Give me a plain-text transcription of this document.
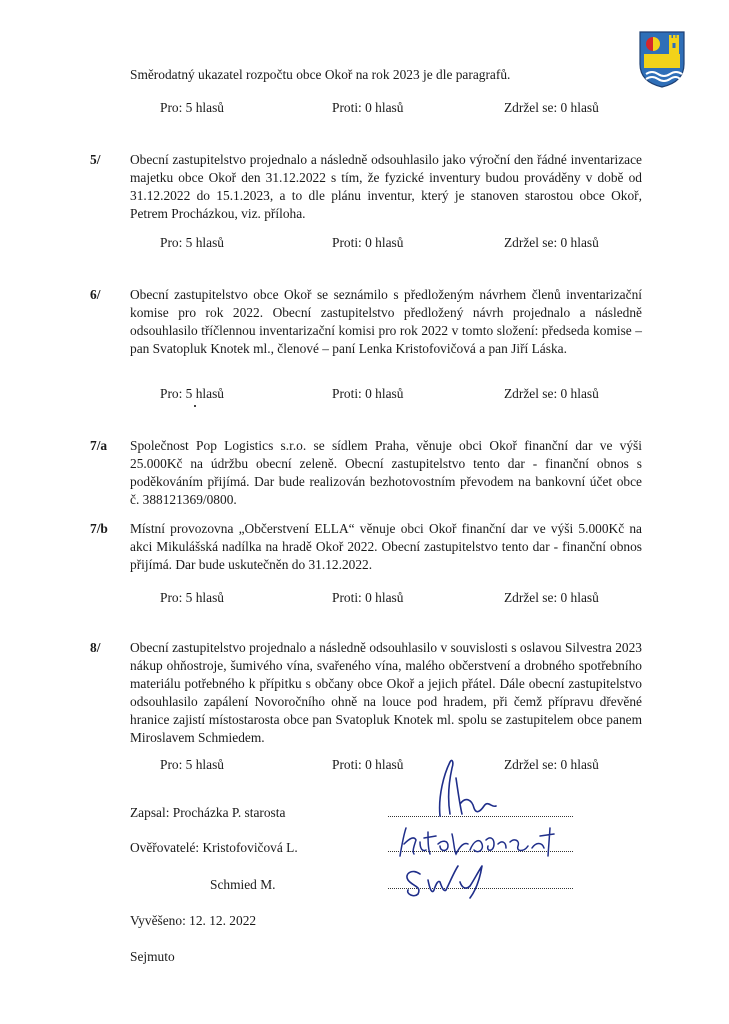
Směrodatný ukazatel rozpočtu obce Okoř na rok 2023 je dle paragrafů.
Pro: 5 hlasů	Proti: 0 hlasů	Zdržel se: 0 hlasů
5/ Obecní zastupitelstvo projednalo a následně odsouhlasilo jako výroční den řádné inventarizace majetku obce Okoř den 31.12.2022 s tím, že fyzické inventury budou prováděny v době od 31.12.2022 do 15.1.2023, a to dle plánu inventur, který je stanoven starostou obce Okoř, Petrem Procházkou, viz. příloha.
Pro: 5 hlasů	Proti: 0 hlasů	Zdržel se: 0 hlasů
6/ Obecní zastupitelstvo obce Okoř se seznámilo s předloženým návrhem členů inventarizační komise pro rok 2022. Obecní zastupitelstvo předložený návrh projednalo a následně odsouhlasilo tříčlennou inventarizační komisi pro rok 2022 v tomto složení: předseda komise – pan Svatopluk Knotek ml., členové – paní Lenka Kristofovičová a pan Jiří Láska.
Pro: 5 hlasů	Proti: 0 hlasů	Zdržel se: 0 hlasů
7/a Společnost Pop Logistics s.r.o. se sídlem Praha, věnuje obci Okoř finanční dar ve výši 25.000Kč na údržbu obecní zeleně. Obecní zastupitelstvo tento dar - finanční obnos s poděkováním přijímá. Dar bude realizován bezhotovostním převodem na bankovní účet obce č. 388121369/0800.
7/b Místní provozovna „Občerstvení ELLA“ věnuje obci Okoř finanční dar ve výši 5.000Kč na akci Mikulášská nadílka na hradě Okoř 2022. Obecní zastupitelstvo tento dar - finanční obnos přijímá. Dar bude uskutečněn do 31.12.2022.
Pro: 5 hlasů	Proti: 0 hlasů	Zdržel se: 0 hlasů
8/ Obecní zastupitelstvo projednalo a následně odsouhlasilo v souvislosti s oslavou Silvestra 2023 nákup ohňostroje, šumivého vína, svařeného vína, malého občerstvení a drobného spotřebního materiálu potřebného k přípitku s občany obce Okoř a jejich přátel. Dále obecní zastupitelstvo odsouhlasilo zapálení Novoročního ohně na louce pod hradem, při čemž přípravu dřevěné hranice zajistí místostarosta obce pan Svatopluk Knotek ml. spolu se zastupitelem obce panem Miroslavem Schmiedem.
Pro: 5 hlasů	Proti: 0 hlasů	Zdržel se: 0 hlasů
Zapsal: Procházka P. starosta
Ověřovatelé: Kristofovičová L.
Schmied M.
Vyvěšeno: 12. 12. 2022
Sejmuto
